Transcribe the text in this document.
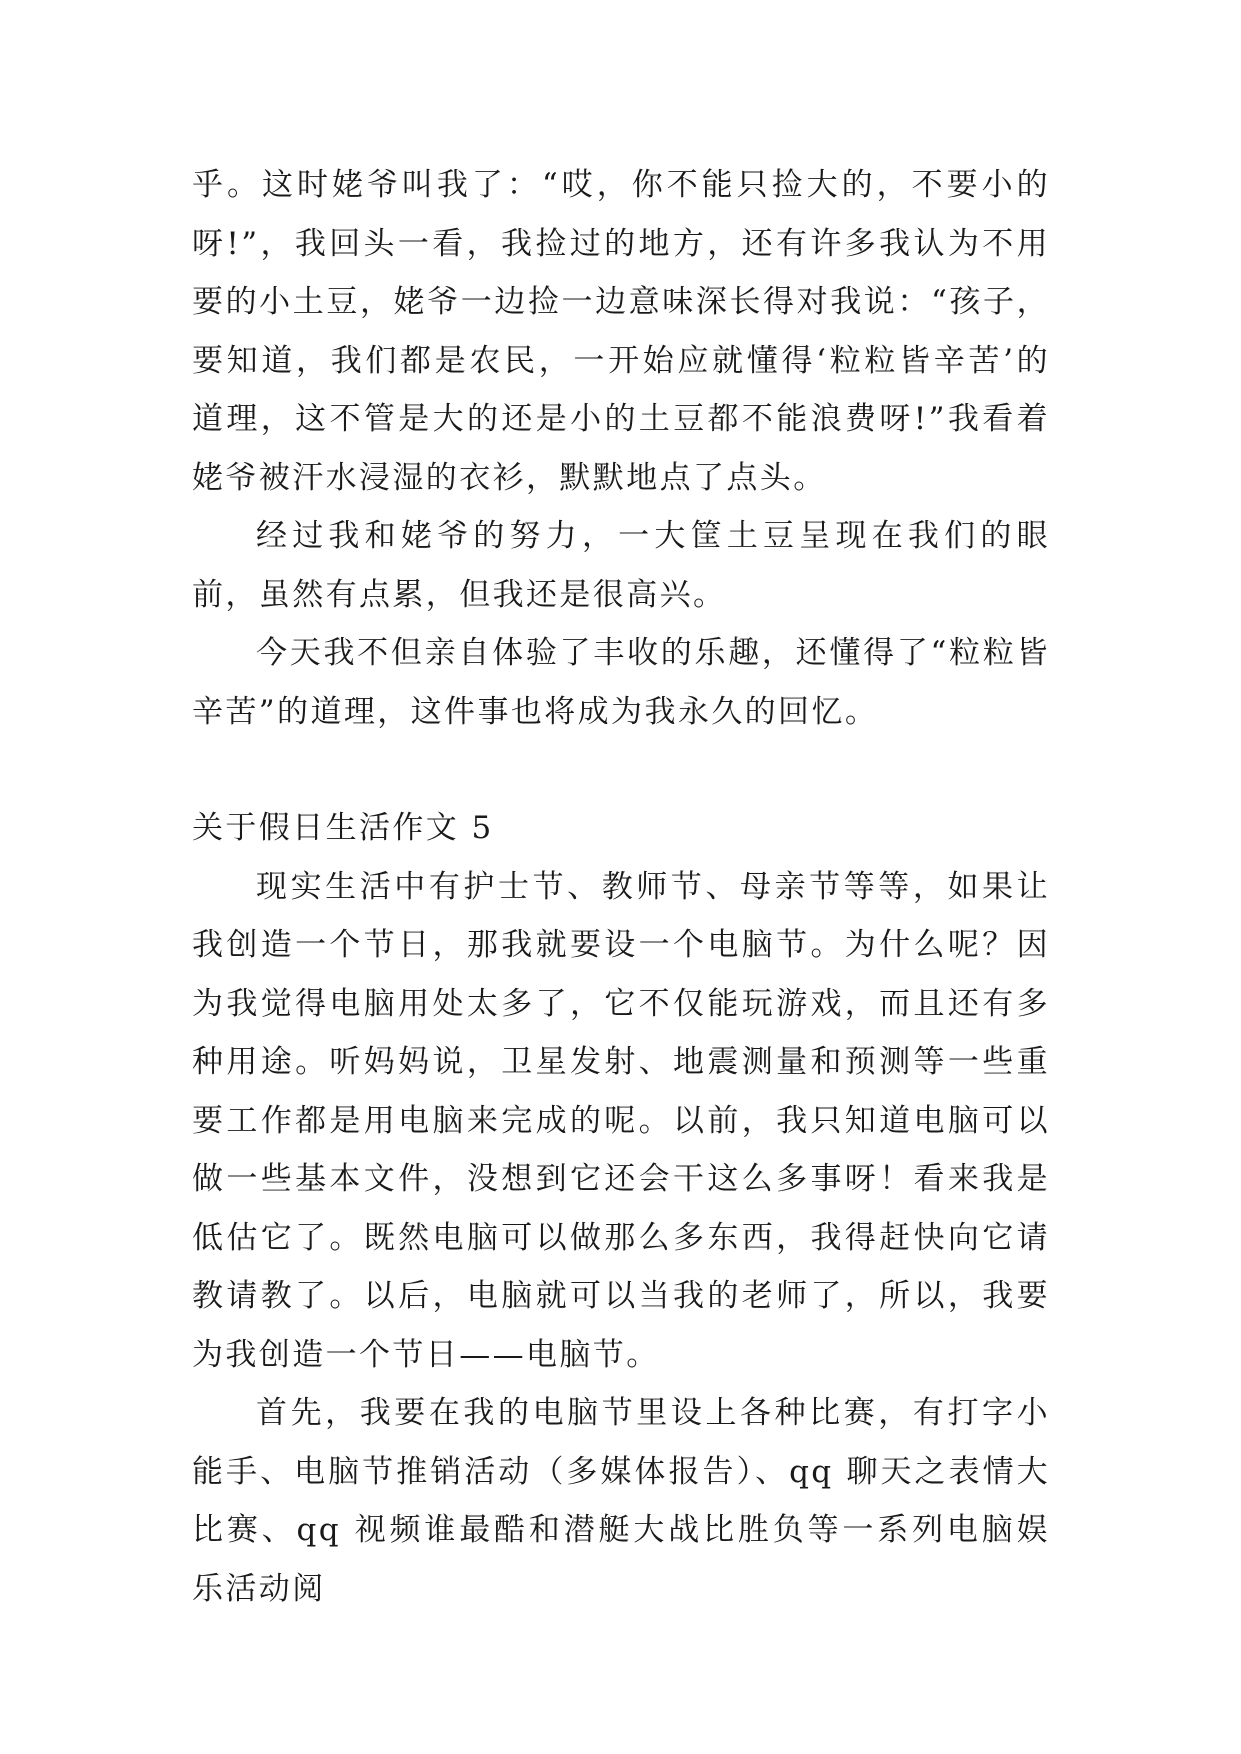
乎。这时姥爷叫我了：“哎，你不能只捡大的，不要小的呀!”，我回头一看，我捡过的地方，还有许多我认为不用要的小土豆，姥爷一边捡一边意味深长得对我说：“孩子，要知道，我们都是农民，一开始应就懂得‘粒粒皆辛苦’的道理，这不管是大的还是小的土豆都不能浪费呀!”我看着姥爷被汗水浸湿的衣衫，默默地点了点头。

经过我和姥爷的努力，一大筐土豆呈现在我们的眼前，虽然有点累，但我还是很高兴。

今天我不但亲自体验了丰收的乐趣，还懂得了“粒粒皆辛苦”的道理，这件事也将成为我永久的回忆。

关于假日生活作文 5

现实生活中有护士节、教师节、母亲节等等，如果让我创造一个节日，那我就要设一个电脑节。为什么呢？因为我觉得电脑用处太多了，它不仅能玩游戏，而且还有多种用途。听妈妈说，卫星发射、地震测量和预测等一些重要工作都是用电脑来完成的呢。以前，我只知道电脑可以做一些基本文件，没想到它还会干这么多事呀！看来我是低估它了。既然电脑可以做那么多东西，我得赶快向它请教请教了。以后，电脑就可以当我的老师了，所以，我要为我创造一个节日——电脑节。

首先，我要在我的电脑节里设上各种比赛，有打字小能手、电脑节推销活动（多媒体报告）、qq 聊天之表情大比赛、qq 视频谁最酷和潜艇大战比胜负等一系列电脑娱乐活动阅
